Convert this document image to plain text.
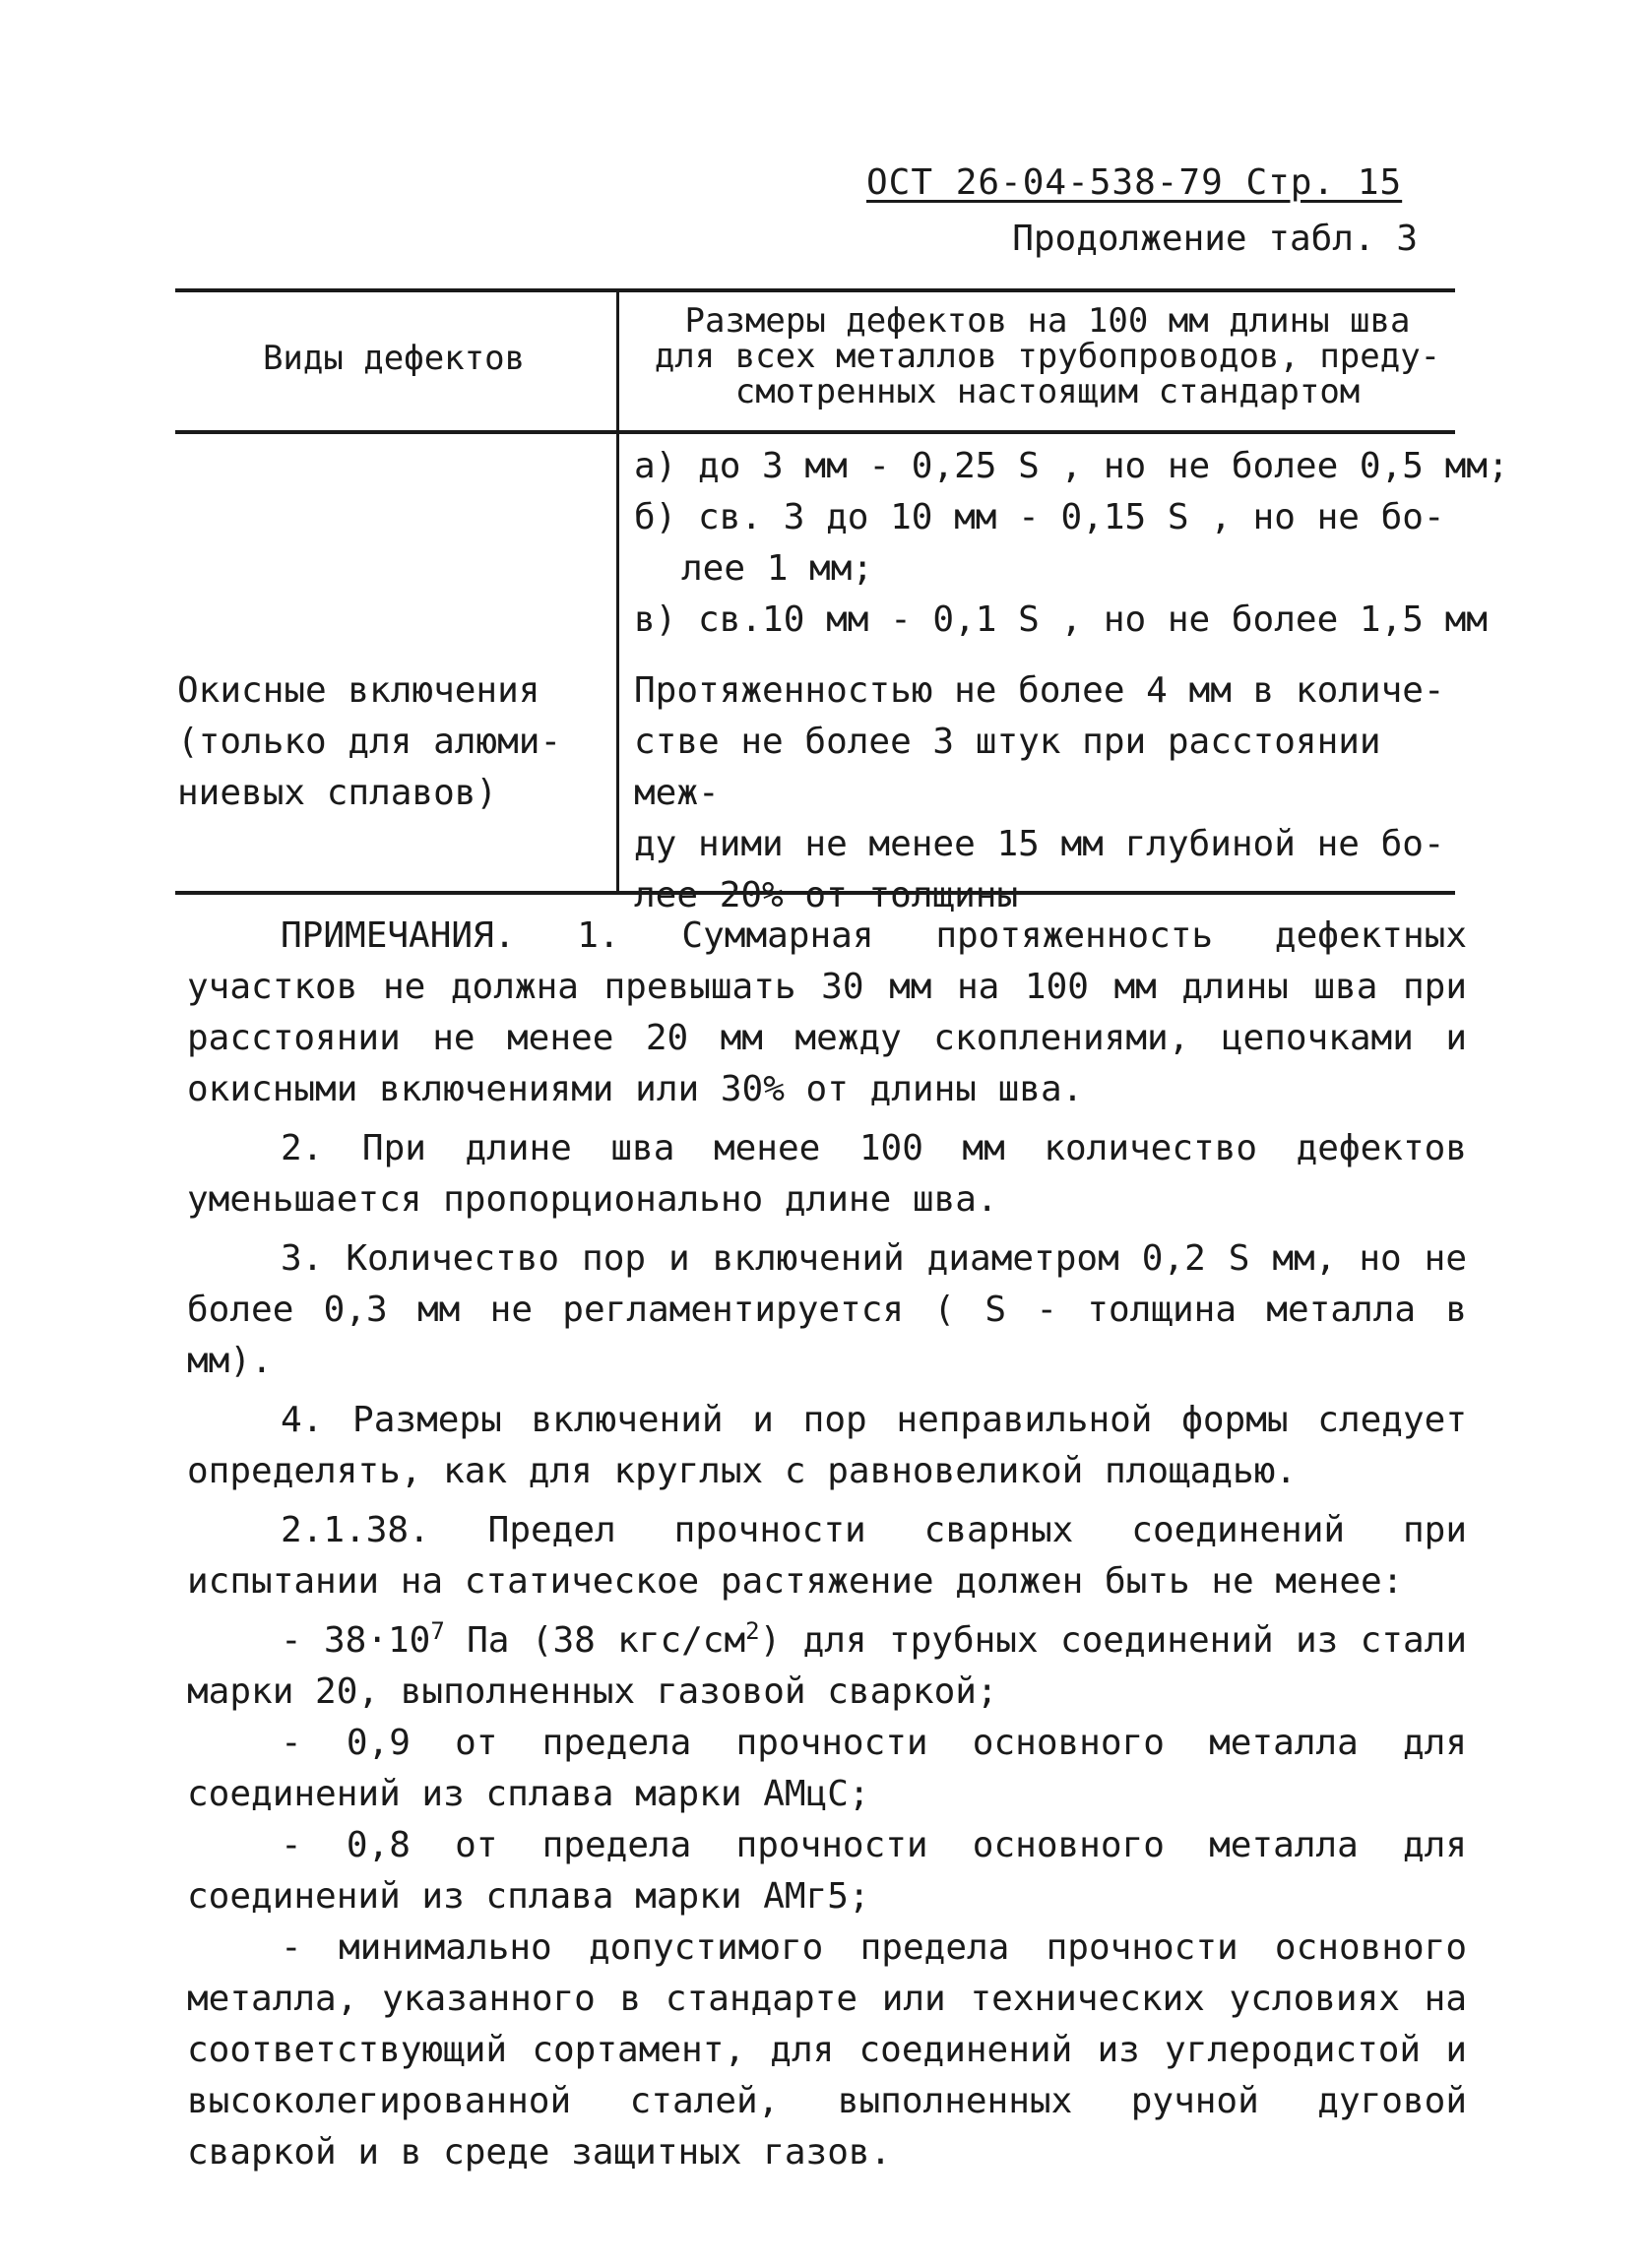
ОСТ 26-04-538-79 Стр. 15
Продолжение табл. 3
Виды дефектов
Размеры дефектов на 100 мм длины шва
для всех металлов трубопроводов, преду-
смотренных настоящим стандартом
а) до 3 мм - 0,25 S , но не более 0,5 мм;
б) св. 3 до 10 мм - 0,15 S , но не бо-
лее 1 мм;
в) св.10 мм - 0,1 S , но не более 1,5 мм
Окисные включения
(только для алюми-
ниевых сплавов)
Протяженностью не более 4 мм в количе-
стве не более 3 штук при расстоянии меж-
ду ними не менее 15 мм глубиной не бо-
лее 20% от толщины

ПРИМЕЧАНИЯ. 1. Суммарная протяженность дефектных участков не должна превышать 30 мм на 100 мм длины шва при расстоянии не менее 20 мм между скоплениями, цепочками и окисными включениями или 30% от длины шва.

2. При длине шва менее 100 мм количество дефектов уменьшается пропорционально длине шва.

3. Количество пор и включений диаметром 0,2 S мм, но не более 0,3 мм не регламентируется ( S - толщина металла в мм).

4. Размеры включений и пор неправильной формы следует определять, как для круглых с равновеликой площадью.

2.1.38. Предел прочности сварных соединений при испытании на статическое растяжение должен быть не менее:

- $38\cdot 10^7$ Па (38 кгс/$см^2$) для трубных соединений из стали марки 20, выполненных газовой сваркой;

- 0,9 от предела прочности основного металла для соединений из сплава марки АМцС;

- 0,8 от предела прочности основного металла для соединений из сплава марки АМг5;

- минимально допустимого предела прочности основного металла, указанного в стандарте или технических условиях на соответствующий сортамент, для соединений из углеродистой и высоколегированной сталей, выполненных ручной дуговой сваркой и в среде защитных газов.
